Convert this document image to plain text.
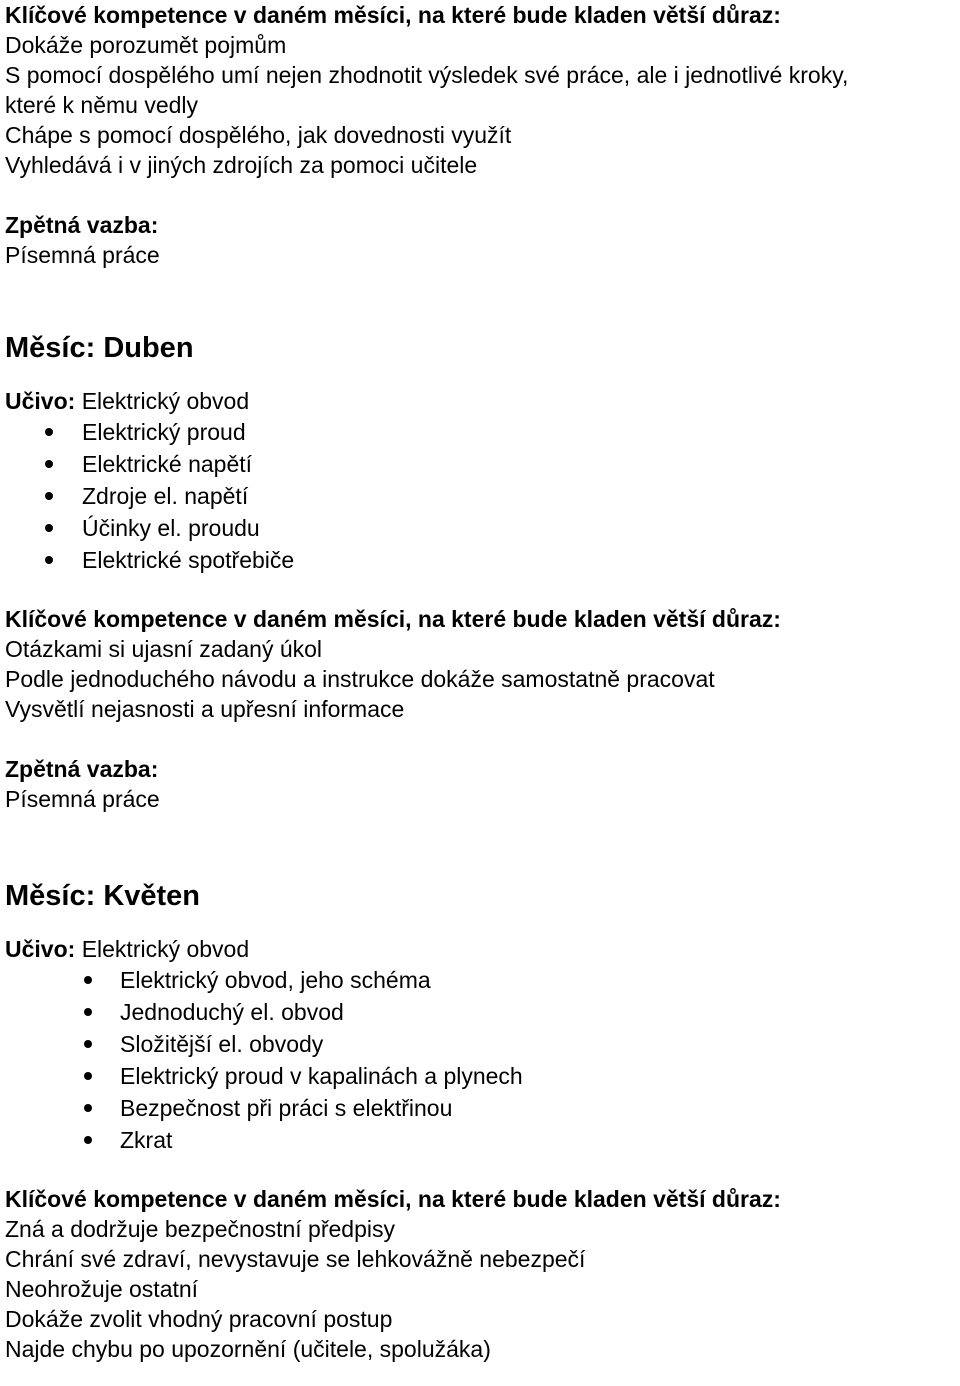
Klíčové kompetence v daném měsíci, na které bude kladen větší důraz:
Dokáže porozumět pojmům
S pomocí dospělého umí nejen zhodnotit výsledek své práce, ale i jednotlivé kroky,
které k němu vedly
Chápe s pomocí dospělého, jak dovednosti využít
Vyhledává i v jiných zdrojích za pomoci učitele
Zpětná vazba:
Písemná práce
Měsíc: Duben
Učivo: Elektrický obvod
Elektrický proud
Elektrické napětí
Zdroje el. napětí
Účinky el. proudu
Elektrické spotřebiče
Klíčové kompetence v daném měsíci, na které bude kladen větší důraz:
Otázkami si ujasní zadaný úkol
Podle jednoduchého návodu a instrukce dokáže samostatně pracovat
Vysvětlí nejasnosti a upřesní informace
Zpětná vazba:
Písemná práce
Měsíc: Květen
Učivo: Elektrický obvod
Elektrický obvod, jeho schéma
Jednoduchý el. obvod
Složitější el. obvody
Elektrický proud v kapalinách a plynech
Bezpečnost při práci s elektřinou
Zkrat
Klíčové kompetence v daném měsíci, na které bude kladen větší důraz:
Zná a dodržuje bezpečnostní předpisy
Chrání své zdraví, nevystavuje se lehkovážně nebezpečí
Neohrožuje ostatní
Dokáže zvolit vhodný pracovní postup
Najde chybu po upozornění (učitele, spolužáka)
